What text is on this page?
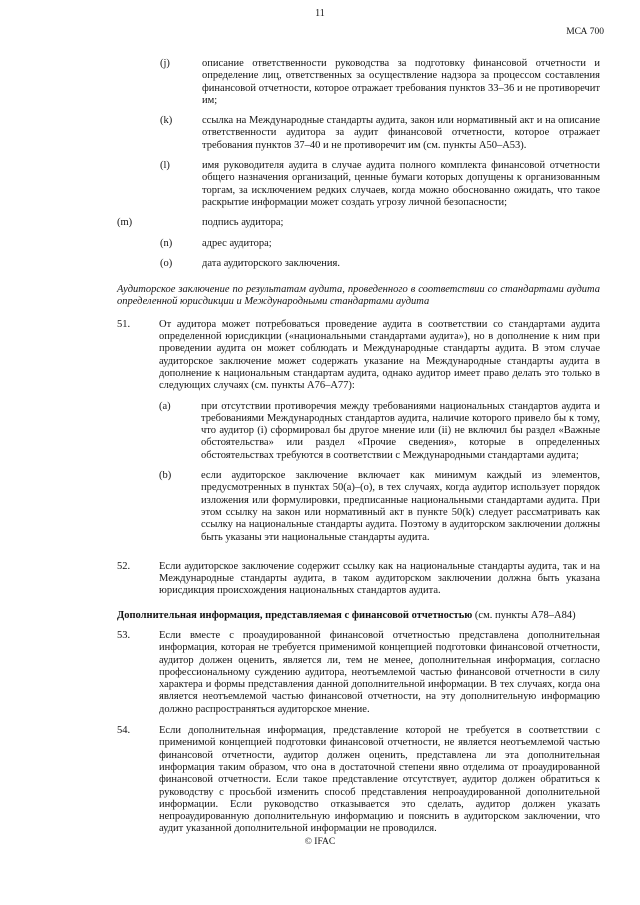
11
МСА 700
(j)	описание ответственности руководства за подготовку финансовой отчетности и определение лиц, ответственных за осуществление надзора за процессом составления финансовой отчетности, которое отражает требования пунктов 33–36 и не противоречит им;
(k)	ссылка на Международные стандарты аудита, закон или нормативный акт и на описание ответственности аудитора за аудит финансовой отчетности, которое отражает требования пунктов 37–40 и не противоречит им (см. пункты A50–A53).
(l)	имя руководителя аудита в случае аудита полного комплекта финансовой отчетности общего назначения организаций, ценные бумаги которых допущены к организованным торгам, за исключением редких случаев, когда можно обоснованно ожидать, что такое раскрытие информации может создать угрозу личной безопасности;
(m)	подпись аудитора;
(n)	адрес аудитора;
(o)	дата аудиторского заключения.

Аудиторское заключение по результатам аудита, проведенного в соответствии со стандартами аудита определенной юрисдикции и Международными стандартами аудита

51.	От аудитора может потребоваться проведение аудита в соответствии со стандартами аудита определенной юрисдикции («национальными стандартами аудита»), но в дополнение к ним при проведении аудита он может соблюдать и Международные стандарты аудита. В этом случае аудиторское заключение может содержать указание на Международные стандарты аудита в дополнение к национальным стандартам аудита, однако аудитор имеет право делать это только в следующих случаях (см. пункты A76–A77):

(a)	при отсутствии противоречия между требованиями национальных стандартов аудита и требованиями Международных стандартов аудита, наличие которого привело бы к тому, что аудитор (i) сформировал бы другое мнение или (ii) не включил бы раздел «Важные обстоятельства» или раздел «Прочие сведения», которые в определенных обстоятельствах требуются в соответствии с Международными стандартами аудита;
(b)	если аудиторское заключение включает как минимум каждый из элементов, предусмотренных в пунктах 50(a)–(o), в тех случаях, когда аудитор использует порядок изложения или формулировки, предписанные национальными стандартами аудита. При этом ссылку на закон или нормативный акт в пункте 50(k) следует рассматривать как ссылку на национальные стандарты аудита. Поэтому в аудиторском заключении должны быть указаны эти национальные стандарты аудита.
52.	Если аудиторское заключение содержит ссылку как на национальные стандарты аудита, так и на Международные стандарты аудита, в таком аудиторском заключении должна быть указана юрисдикция происхождения национальных стандартов аудита.

Дополнительная информация, представляемая с финансовой отчетностью (см. пункты A78–A84)

53.	Если вместе с проаудированной финансовой отчетностью представлена дополнительная информация, которая не требуется применимой концепцией подготовки финансовой отчетности, аудитор должен оценить, является ли, тем не менее, дополнительная информация, согласно профессиональному суждению аудитора, неотъемлемой частью финансовой отчетности в силу характера и формы представления данной дополнительной информации. В тех случаях, когда она является неотъемлемой частью финансовой отчетности, на эту дополнительную информацию должно распространяться аудиторское мнение.
54.	Если дополнительная информация, представление которой не требуется в соответствии с применимой концепцией подготовки финансовой отчетности, не является неотъемлемой частью финансовой отчетности, аудитор должен оценить, представлена ли эта дополнительная информация таким образом, что она в достаточной степени явно отделима от проаудированной финансовой отчетности. Если такое представление отсутствует, аудитор должен обратиться к руководству с просьбой изменить способ представления непроаудированной дополнительной информации. Если руководство отказывается это сделать, аудитор должен указать непроаудированную дополнительную информацию и пояснить в аудиторском заключении, что аудит указанной дополнительной информации не проводился.
© IFAC
